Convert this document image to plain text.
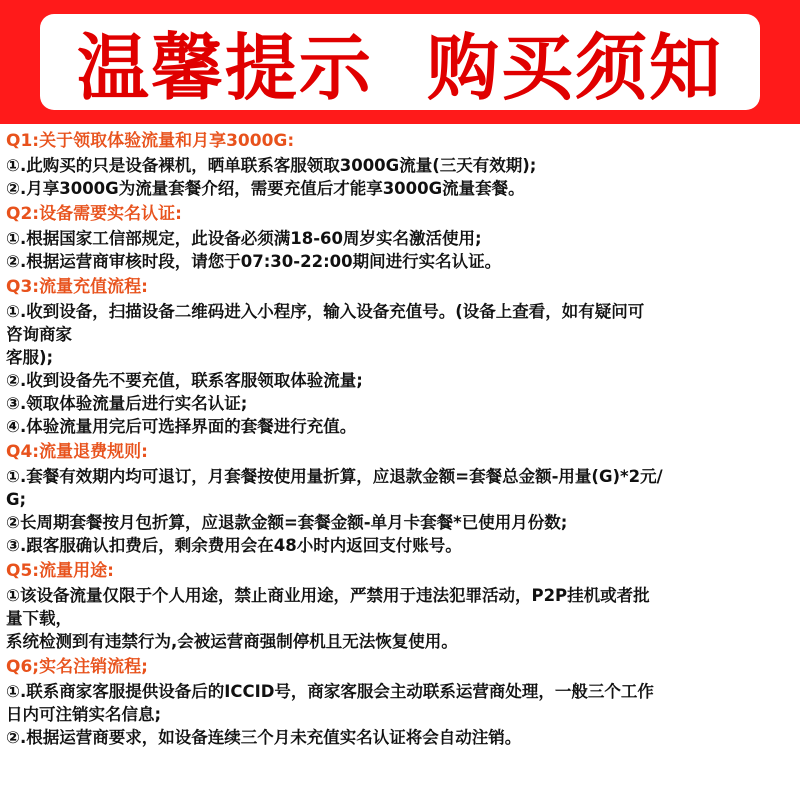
温馨提示  购买须知

Q1:关于领取体验流量和月享3000G:

①.此购买的只是设备裸机，晒单联系客服领取3000G流量(三天有效期);

②.月享3000G为流量套餐介绍，需要充值后才能享3000G流量套餐。

Q2:设备需要实名认证:

①.根据国家工信部规定，此设备必须满18-60周岁实名激活使用;

②.根据运营商审核时段，请您于07:30-22:00期间进行实名认证。

Q3:流量充值流程:

①.收到设备，扫描设备二维码进入小程序，输入设备充值号。(设备上查看，如有疑问可

咨询商家

客服);

②.收到设备先不要充值，联系客服领取体验流量;

③.领取体验流量后进行实名认证;

④.体验流量用完后可选择界面的套餐进行充值。

Q4:流量退费规则:

①.套餐有效期内均可退订，月套餐按使用量折算，应退款金额=套餐总金额-用量(G)*2元/

G;

②长周期套餐按月包折算，应退款金额=套餐金额-单月卡套餐*已使用月份数;

③.跟客服确认扣费后，剩余费用会在48小时内返回支付账号。

Q5:流量用途:

①该设备流量仅限于个人用途，禁止商业用途，严禁用于违法犯罪活动，P2P挂机或者批

量下载，

系统检测到有违禁行为,会被运营商强制停机且无法恢复使用。

Q6;实名注销流程;

①.联系商家客服提供设备后的ICCID号，商家客服会主动联系运营商处理，一般三个工作

日内可注销实名信息;

②.根据运营商要求，如设备连续三个月未充值实名认证将会自动注销。
